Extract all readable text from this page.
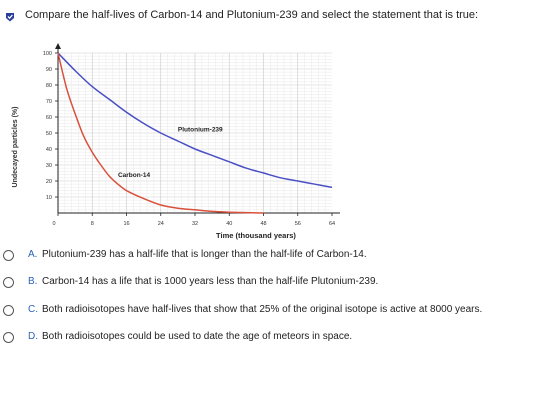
Compare the half-lives of Carbon-14 and Plutonium-239 and select the statement that is true:
10
20
30
40
50
60
70
80
90
100
0	8	16	24	32	40	48	56	64
Plutonium-239
Carbon-14
Undecayed particles (%)
Time (thousand years)
A. Plutonium-239 has a half-life that is longer than the half-life of Carbon-14.
B. Carbon-14 has a life that is 1000 years less than the half-life Plutonium-239.
C. Both radioisotopes have half-lives that show that 25% of the original isotope is active at 8000 years.
D. Both radioisotopes could be used to date the age of meteors in space.
